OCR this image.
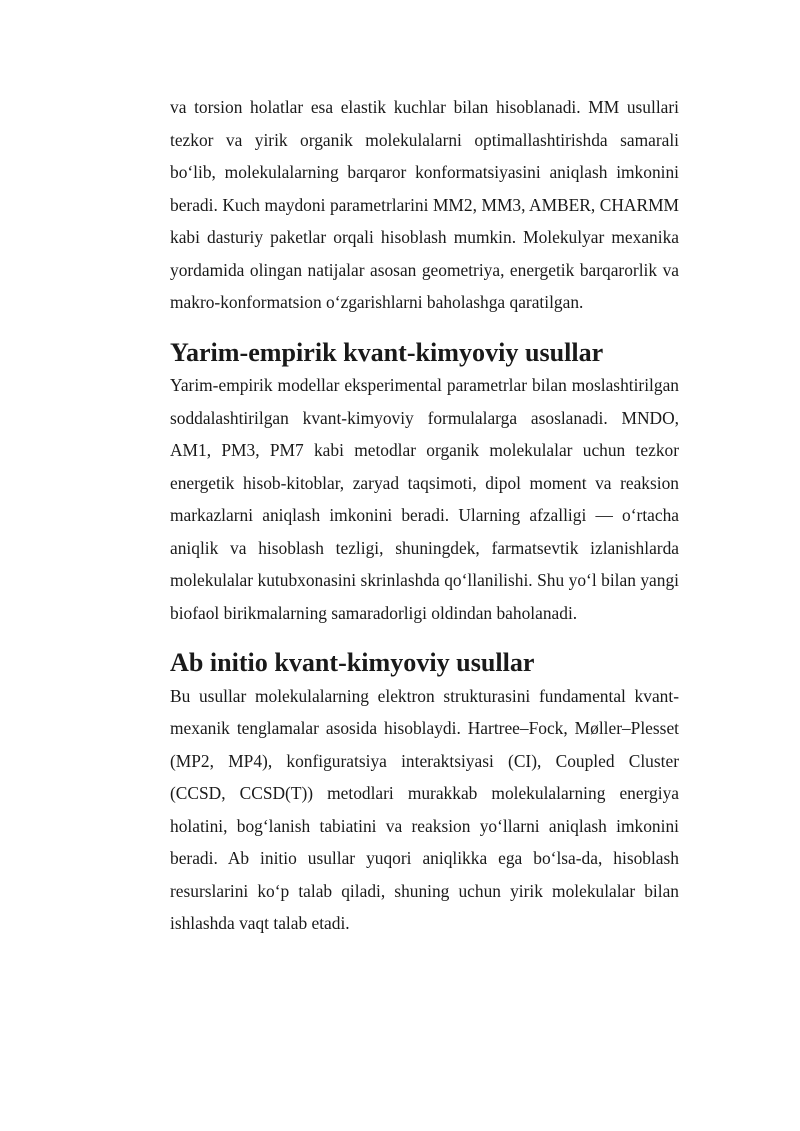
va torsion holatlar esa elastik kuchlar bilan hisoblanadi. MM usullari tezkor va yirik organik molekulalarni optimallashtirishda samarali bo‘lib, molekulalarning barqaror konformatsiyasini aniqlash imkonini beradi. Kuch maydoni parametrlarini MM2, MM3, AMBER, CHARMM kabi dasturiy paketlar orqali hisoblash mumkin. Molekulyar mexanika yordamida olingan natijalar asosan geometriya, energetik barqarorlik va makro-konformatsion o‘zgarishlarni baholashga qaratilgan.

Yarim-empirik kvant-kimyoviy usullar

Yarim-empirik modellar eksperimental parametrlar bilan moslashtirilgan soddalashtirilgan kvant-kimyoviy formulalarga asoslanadi. MNDO, AM1, PM3, PM7 kabi metodlar organik molekulalar uchun tezkor energetik hisob-kitoblar, zaryad taqsimoti, dipol moment va reaksion markazlarni aniqlash imkonini beradi. Ularning afzalligi — o‘rtacha aniqlik va hisoblash tezligi, shuningdek, farmatsevtik izlanishlarda molekulalar kutubxonasini skrinlashda qo‘llanilishi. Shu yo‘l bilan yangi biofaol birikmalarning samaradorligi oldindan baholanadi.

Ab initio kvant-kimyoviy usullar

Bu usullar molekulalarning elektron strukturasini fundamental kvant-mexanik tenglamalar asosida hisoblaydi. Hartree–Fock, Møller–Plesset (MP2, MP4), konfiguratsiya interaktsiyasi (CI), Coupled Cluster (CCSD, CCSD(T)) metodlari murakkab molekulalarning energiya holatini, bog‘lanish tabiatini va reaksion yo‘llarni aniqlash imkonini beradi. Ab initio usullar yuqori aniqlikka ega bo‘lsa-da, hisoblash resurslarini ko‘p talab qiladi, shuning uchun yirik molekulalar bilan ishlashda vaqt talab etadi.
